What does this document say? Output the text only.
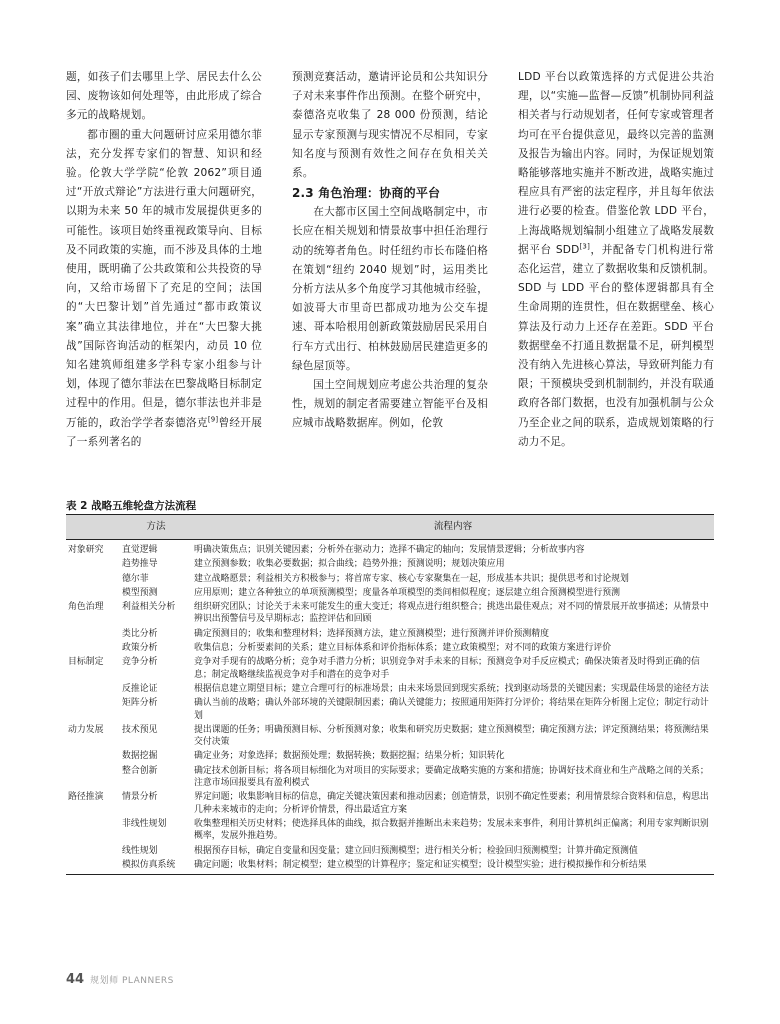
题，如孩子们去哪里上学、居民去什么公园、废物该如何处理等，由此形成了综合多元的战略规划。

都市圈的重大问题研讨应采用德尔菲法，充分发挥专家们的智慧、知识和经验。伦敦大学学院“伦敦 2062”项目通过“开放式辩论”方法进行重大问题研究，以期为未来 50 年的城市发展提供更多的可能性。该项目始终重视政策导向、目标及不同政策的实施，而不涉及具体的土地使用，既明确了公共政策和公共投资的导向，又给市场留下了充足的空间；法国的“大巴黎计划”首先通过“都市政策议案”确立其法律地位，并在“大巴黎大挑战”国际咨询活动的框架内，动员 10 位知名建筑师组建多学科专家小组参与计划，体现了德尔菲法在巴黎战略目标制定过程中的作用。但是，德尔菲法也并非是万能的，政治学学者泰德洛克[9]曾经开展了一系列著名的

预测竞赛活动，邀请评论员和公共知识分子对未来事件作出预测。在整个研究中，泰德洛克收集了 28 000 份预测，结论显示专家预测与现实情况不尽相同，专家知名度与预测有效性之间存在负相关关系。

2.3 角色治理：协商的平台

在大都市区国土空间战略制定中，市长应在相关规划和情景故事中担任治理行动的统筹者角色。时任纽约市长布隆伯格在策划“纽约 2040 规划”时，运用类比分析方法从多个角度学习其他城市经验，如波哥大市里奇巴都成功地为公交车提速、哥本哈根用创新政策鼓励居民采用自行车方式出行、柏林鼓励居民建造更多的绿色屋顶等。

国土空间规划应考虑公共治理的复杂性，规划的制定者需要建立智能平台及相应城市战略数据库。例如，伦敦

LDD 平台以政策选择的方式促进公共治理，以“实施—监督—反馈”机制协同利益相关者与行动规划者，任何专家或管理者均可在平台提供意见，最终以完善的监测及报告为输出内容。同时，为保证规划策略能够落地实施并不断改进，战略实施过程应具有严密的法定程序，并且每年依法进行必要的检查。借鉴伦敦 LDD 平台，上海战略规划编制小组建立了战略发展数据平台 SDD[3]，并配备专门机构进行常态化运营，建立了数据收集和反馈机制。SDD 与 LDD 平台的整体逻辑都具有全生命周期的连贯性，但在数据壁垒、核心算法及行动力上还存在差距。SDD 平台数据壁垒不打通且数据量不足，研判模型没有纳入先进核心算法，导致研判能力有限；干预模块受到机制制约，并没有联通政府各部门数据，也没有加强机制与公众乃至企业之间的联系，造成规划策略的行动力不足。

表 2 战略五维轮盘方法流程
	方法	流程内容
对象研究	直觉逻辑	明确决策焦点；识别关键因素；分析外在驱动力；选择不确定的轴向；发展情景逻辑；分析故事内容
	趋势推导	建立预测参数；收集必要数据；拟合曲线；趋势外推；预测说明；规划决策应用
	德尔菲	建立战略愿景；利益相关方积极参与；将首席专家、核心专家聚集在一起，形成基本共识；提供思考和讨论规划
	模型预测	应用原则；建立各种独立的单项预测模型；度量各单项模型的类间相似程度；逐层建立组合预测模型进行预测
角色治理	利益相关分析	组织研究团队；讨论关于未来可能发生的重大变迁；将观点进行组织整合；挑选出最佳观点；对不同的情景展开故事描述；从情景中辨识出预警信号及早期标志；监控评估和回顾
	类比分析	确定预测目的；收集和整理材料；选择预测方法，建立预测模型；进行预测并评价预测精度
	政策分析	收集信息；分析要素间的关系；建立目标体系和评价指标体系；建立政策模型；对不同的政策方案进行评价
目标制定	竞争分析	竞争对手现有的战略分析；竞争对手潜力分析；识别竞争对手未来的目标；预测竞争对手反应模式；确保决策者及时得到正确的信息；制定战略继续监视竞争对手和潜在的竞争对手
	反推论证	根据信息建立期望目标；建立合理可行的标准场景；由未来场景回到现实系统；找到驱动场景的关键因素；实现最佳场景的途径方法
	矩阵分析	确认当前的战略；确认外部环境的关键限制因素；确认关键能力；按照通用矩阵打分评价；将结果在矩阵分析图上定位；制定行动计划
动力发展	技术预见	提出课题的任务；明确预测目标、分析预测对象；收集和研究历史数据；建立预测模型；确定预测方法；评定预测结果；将预测结果交付决策
	数据挖掘	确定业务；对象选择；数据预处理；数据转换；数据挖掘；结果分析；知识转化
	整合创新	确定技术创新目标；将各项目标细化为对项目的实际要求；要确定战略实施的方案和措施；协调好技术商业和生产战略之间的关系；注意市场回报要具有盈利模式
路径推演	情景分析	界定问题；收集影响目标的信息，确定关键决策因素和推动因素；创造情景，识别不确定性要素；利用情景综合资料和信息，构思出几种未来城市的走向；分析评价情景，得出最适宜方案
	非线性规划	收集整理相关历史材料；使选择具体的曲线，拟合数据并推断出未来趋势；发展未来事件，利用计算机纠正偏离；利用专家判断识别概率，发展外推趋势。
	线性规划	根据预存目标，确定自变量和因变量；建立回归预测模型；进行相关分析；检验回归预测模型；计算并确定预测值
	模拟仿真系统	确定问题；收集材料；制定模型；建立模型的计算程序；鉴定和证实模型；设计模型实验；进行模拟操作和分析结果
44 规划师 PLANNERS
